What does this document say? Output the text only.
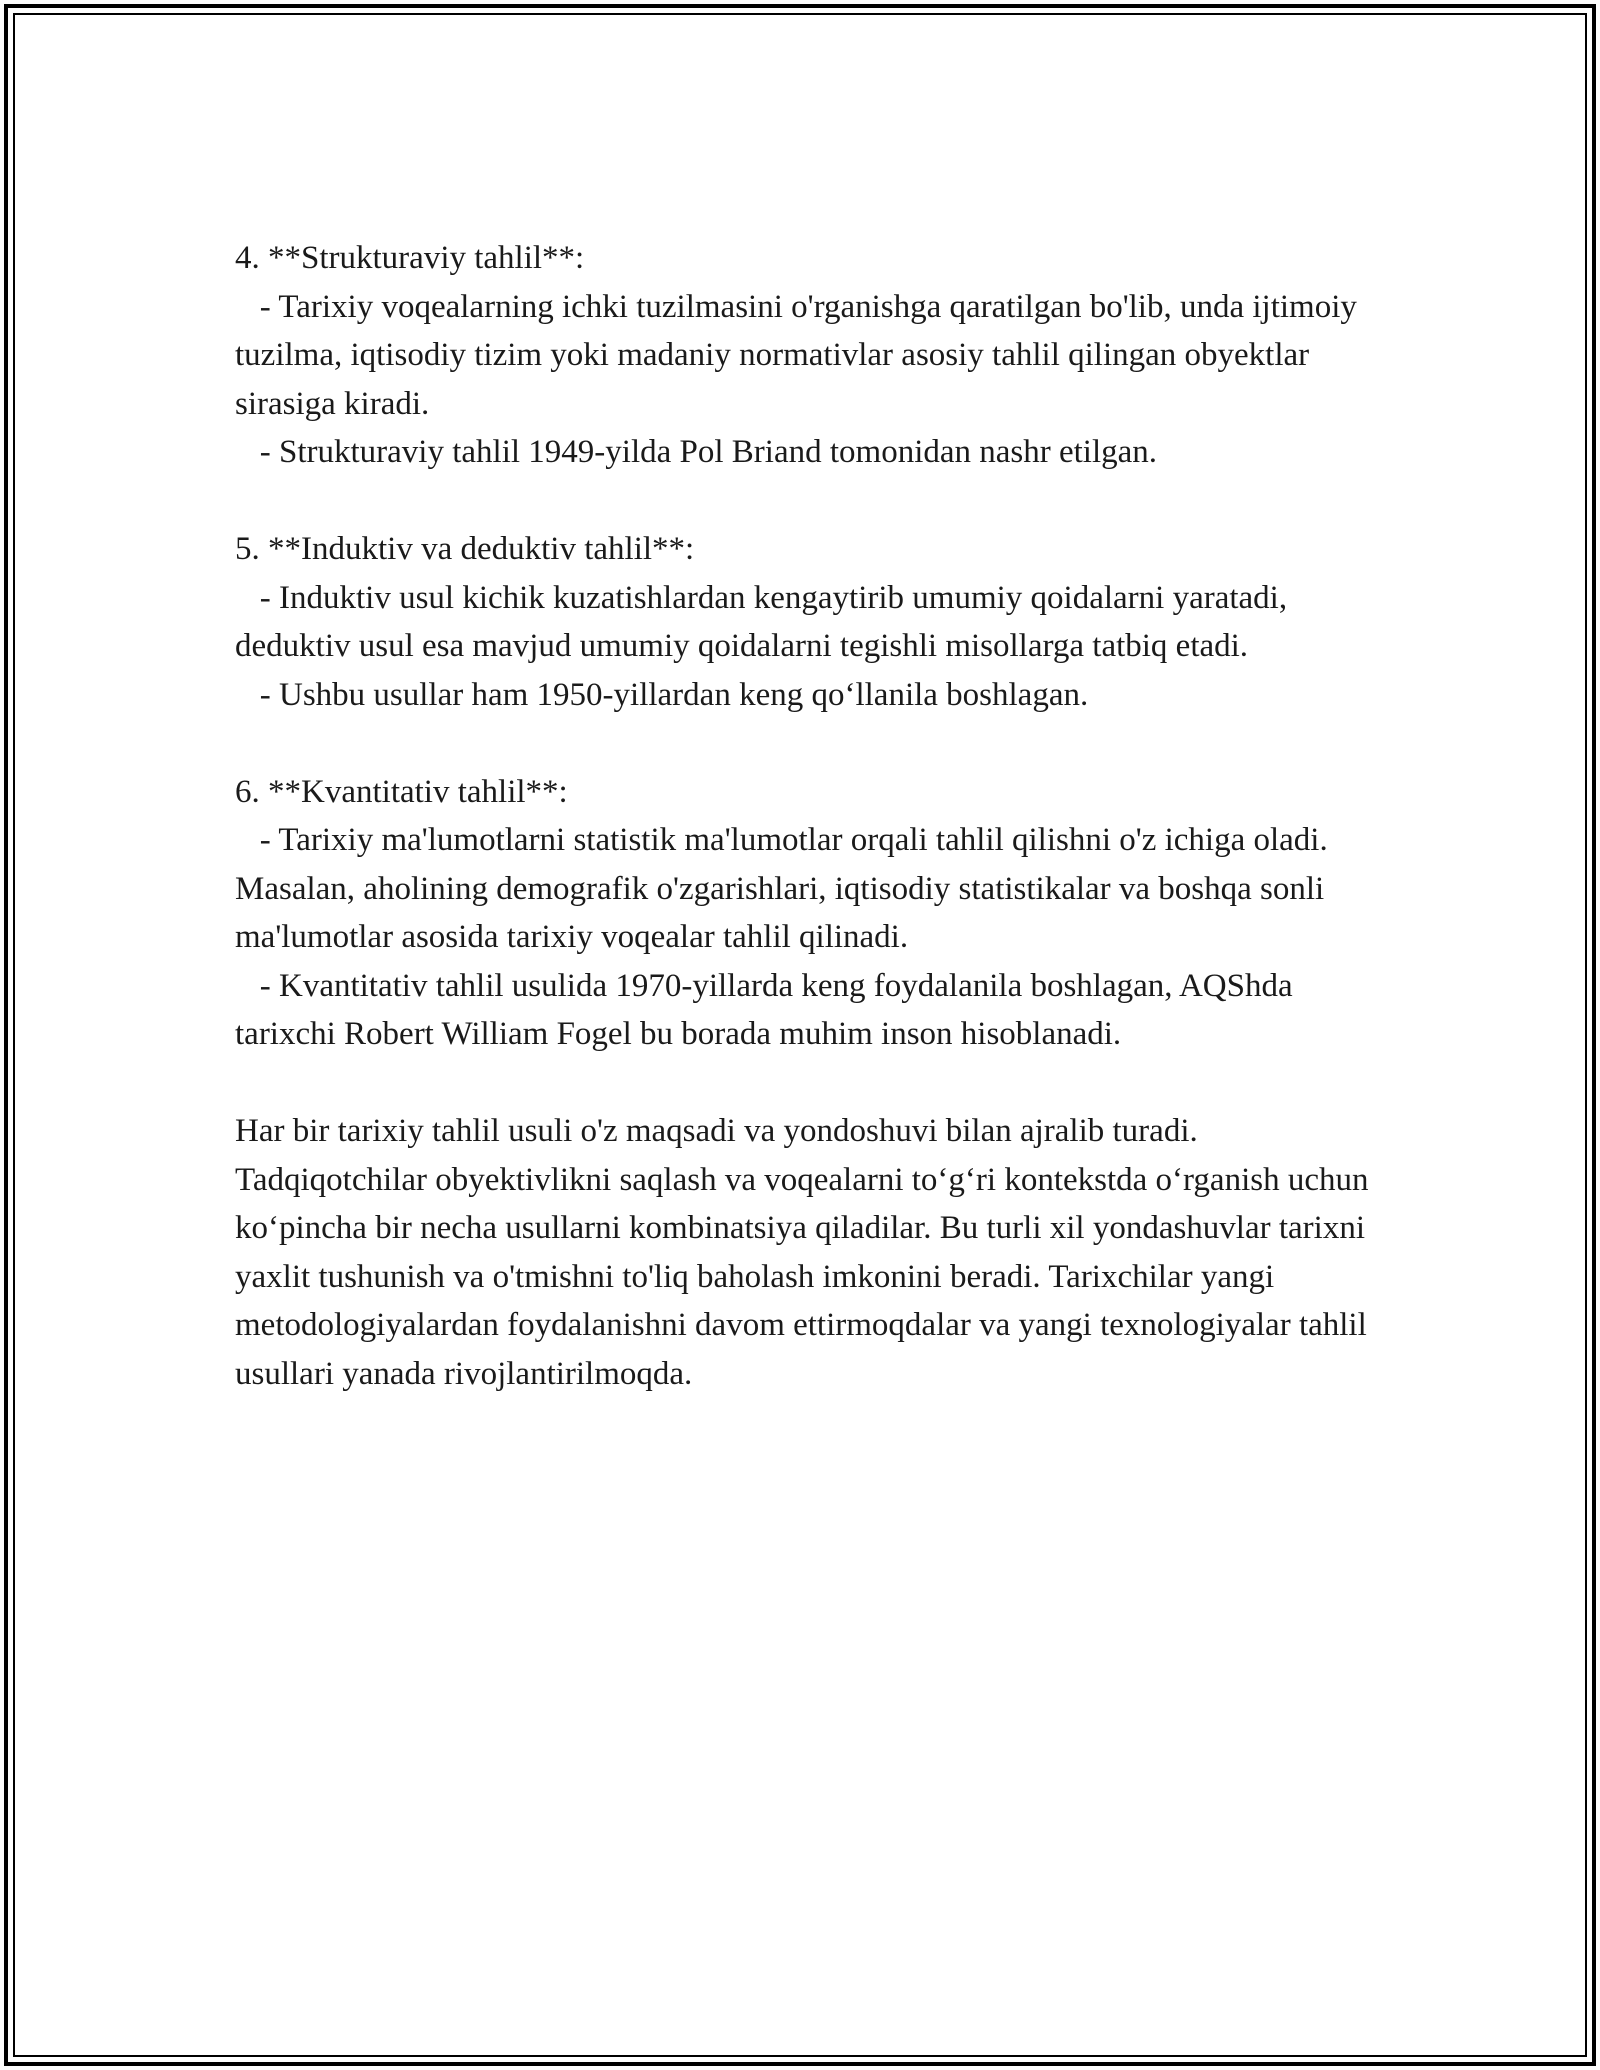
4. **Strukturaviy tahlil**:

- Tarixiy voqealarning ichki tuzilmasini o'rganishga qaratilgan bo'lib, unda ijtimoiy tuzilma, iqtisodiy tizim yoki madaniy normativlar asosiy tahlil qilingan obyektlar sirasiga kiradi.

- Strukturaviy tahlil 1949-yilda Pol Briand tomonidan nashr etilgan.

5. **Induktiv va deduktiv tahlil**:

- Induktiv usul kichik kuzatishlardan kengaytirib umumiy qoidalarni yaratadi, deduktiv usul esa mavjud umumiy qoidalarni tegishli misollarga tatbiq etadi.

- Ushbu usullar ham 1950-yillardan keng qo‘llanila boshlagan.

6. **Kvantitativ tahlil**:

- Tarixiy ma'lumotlarni statistik ma'lumotlar orqali tahlil qilishni o'z ichiga oladi. Masalan, aholining demografik o'zgarishlari, iqtisodiy statistikalar va boshqa sonli ma'lumotlar asosida tarixiy voqealar tahlil qilinadi.

- Kvantitativ tahlil usulida 1970-yillarda keng foydalanila boshlagan, AQShda tarixchi Robert William Fogel bu borada muhim inson hisoblanadi.

Har bir tarixiy tahlil usuli o'z maqsadi va yondoshuvi bilan ajralib turadi. Tadqiqotchilar obyektivlikni saqlash va voqealarni to‘g‘ri kontekstda o‘rganish uchun ko‘pincha bir necha usullarni kombinatsiya qiladilar. Bu turli xil yondashuvlar tarixni yaxlit tushunish va o'tmishni to'liq baholash imkonini beradi. Tarixchilar yangi metodologiyalardan foydalanishni davom ettirmoqdalar va yangi texnologiyalar tahlil usullari yanada rivojlantirilmoqda.
